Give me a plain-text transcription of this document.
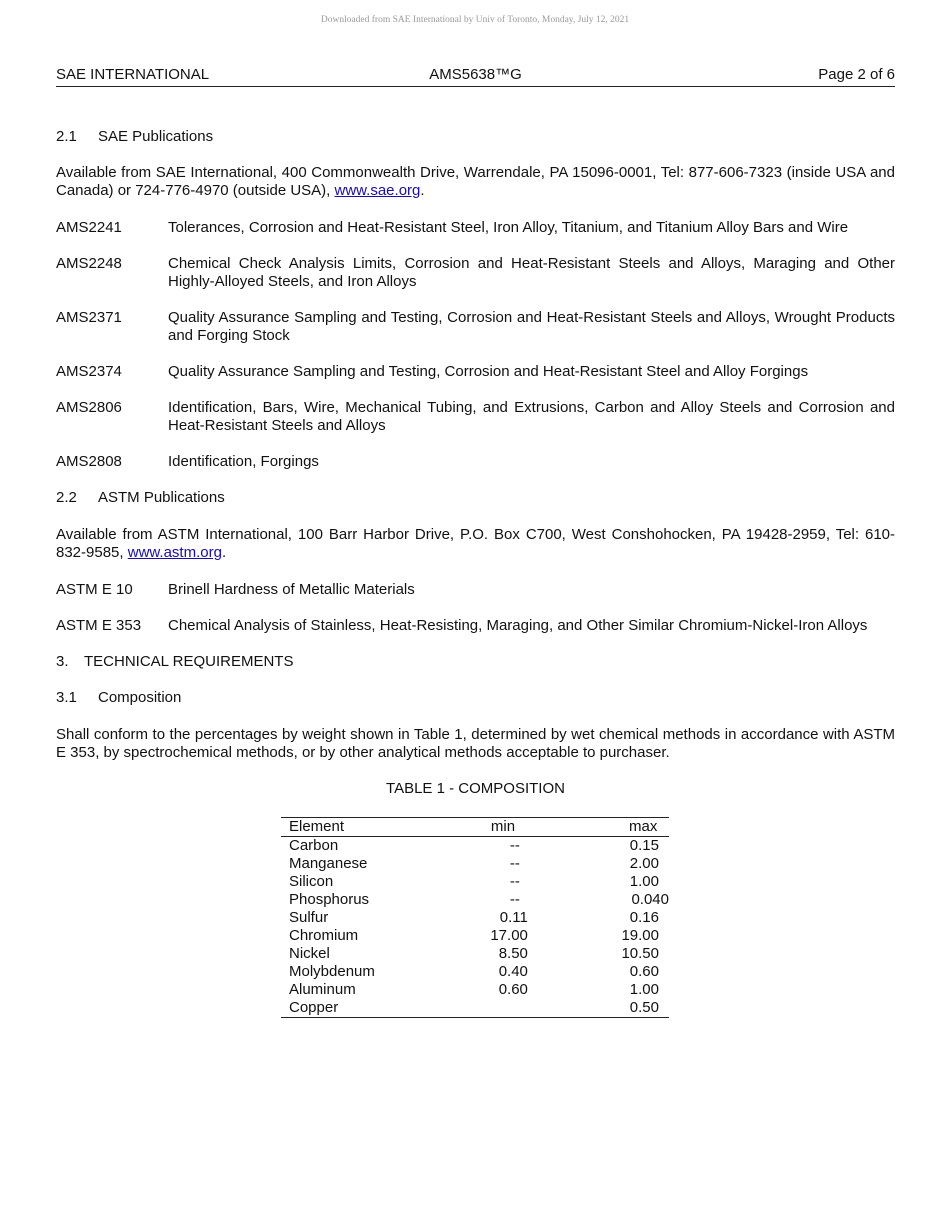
Downloaded from SAE International by Univ of Toronto, Monday, July 12, 2021
SAE INTERNATIONAL	AMS5638™G	Page 2 of 6
2.1	SAE Publications
Available from SAE International, 400 Commonwealth Drive, Warrendale, PA 15096-0001, Tel: 877-606-7323 (inside USA and Canada) or 724-776-4970 (outside USA), www.sae.org.
AMS2241	Tolerances, Corrosion and Heat-Resistant Steel, Iron Alloy, Titanium, and Titanium Alloy Bars and Wire
AMS2248	Chemical Check Analysis Limits, Corrosion and Heat-Resistant Steels and Alloys, Maraging and Other Highly-Alloyed Steels, and Iron Alloys
AMS2371	Quality Assurance Sampling and Testing, Corrosion and Heat-Resistant Steels and Alloys, Wrought Products and Forging Stock
AMS2374	Quality Assurance Sampling and Testing, Corrosion and Heat-Resistant Steel and Alloy Forgings
AMS2806	Identification, Bars, Wire, Mechanical Tubing, and Extrusions, Carbon and Alloy Steels and Corrosion and Heat-Resistant Steels and Alloys
AMS2808	Identification, Forgings
2.2	ASTM Publications
Available from ASTM International, 100 Barr Harbor Drive, P.O. Box C700, West Conshohocken, PA 19428-2959, Tel: 610-832-9585, www.astm.org.
ASTM E 10	Brinell Hardness of Metallic Materials
ASTM E 353	Chemical Analysis of Stainless, Heat-Resisting, Maraging, and Other Similar Chromium-Nickel-Iron Alloys
3.	TECHNICAL REQUIREMENTS
3.1	Composition
Shall conform to the percentages by weight shown in Table 1, determined by wet chemical methods in accordance with ASTM E 353, by spectrochemical methods, or by other analytical methods acceptable to purchaser.
TABLE 1 - COMPOSITION
Element	min	max
Carbon	--	0.15
Manganese	--	2.00
Silicon	--	1.00
Phosphorus	--	0.040
Sulfur	0.11	0.16
Chromium	17.00	19.00
Nickel	8.50	10.50
Molybdenum	0.40	0.60
Aluminum	0.60	1.00
Copper		0.50
